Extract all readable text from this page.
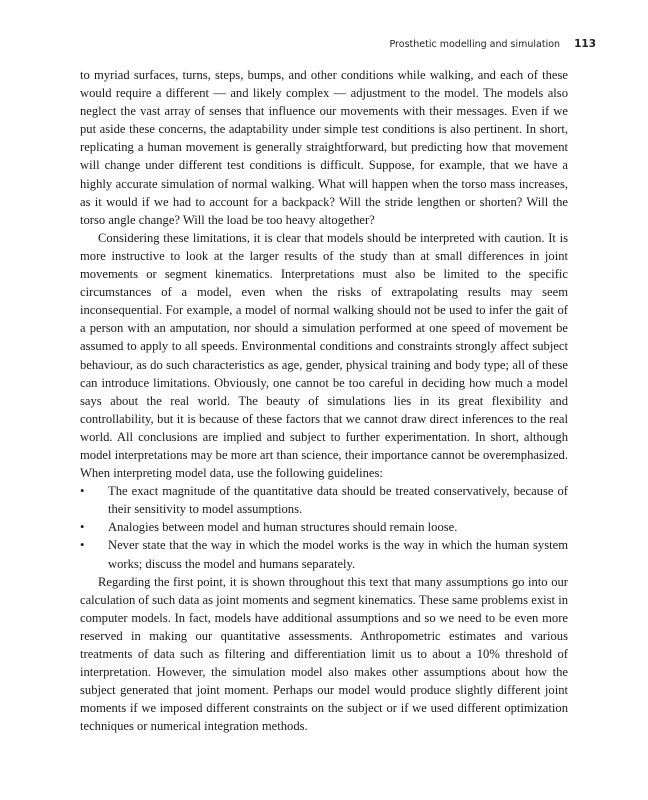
Prosthetic modelling and simulation 113

to myriad surfaces, turns, steps, bumps, and other conditions while walking, and each of these would require a different — and likely complex — adjustment to the model. The models also neglect the vast array of senses that influence our movements with their messages. Even if we put aside these concerns, the adaptability under simple test conditions is also pertinent. In short, replicating a human movement is generally straightforward, but predicting how that movement will change under different test conditions is difficult. Suppose, for example, that we have a highly accurate simulation of normal walking. What will happen when the torso mass increases, as it would if we had to account for a backpack? Will the stride lengthen or shorten? Will the torso angle change? Will the load be too heavy altogether?

Considering these limitations, it is clear that models should be interpreted with caution. It is more instructive to look at the larger results of the study than at small differences in joint movements or segment kinematics. Interpretations must also be limited to the specific circumstances of a model, even when the risks of extrapolating results may seem inconsequential. For example, a model of normal walking should not be used to infer the gait of a person with an amputation, nor should a simulation performed at one speed of movement be assumed to apply to all speeds. Environmental conditions and constraints strongly affect subject behaviour, as do such characteristics as age, gender, physical training and body type; all of these can introduce limitations. Obviously, one cannot be too careful in deciding how much a model says about the real world. The beauty of simulations lies in its great flexibility and controllability, but it is because of these factors that we cannot draw direct inferences to the real world. All conclusions are implied and subject to further experimentation. In short, although model interpretations may be more art than science, their importance cannot be overemphasized. When interpreting model data, use the following guidelines:

•	The exact magnitude of the quantitative data should be treated conservatively, because of their sensitivity to model assumptions.
•	Analogies between model and human structures should remain loose.
•	Never state that the way in which the model works is the way in which the human system works; discuss the model and humans separately.

Regarding the first point, it is shown throughout this text that many assumptions go into our calculation of such data as joint moments and segment kinematics. These same problems exist in computer models. In fact, models have additional assumptions and so we need to be even more reserved in making our quantitative assessments. Anthropometric estimates and various treatments of data such as filtering and differentiation limit us to about a 10% threshold of interpretation. However, the simulation model also makes other assumptions about how the subject generated that joint moment. Perhaps our model would produce slightly different joint moments if we imposed different constraints on the subject or if we used different optimization techniques or numerical integration methods.
